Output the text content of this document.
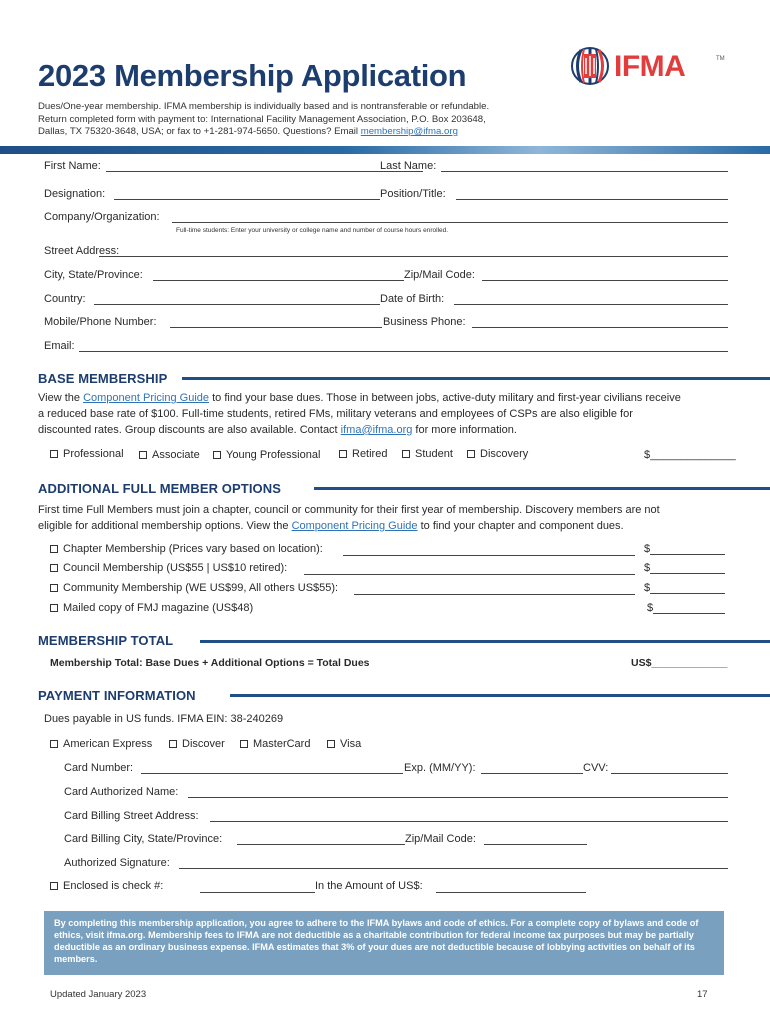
2023 Membership Application
Dues/One-year membership. IFMA membership is individually based and is nontransferable or refundable.
Return completed form with payment to: International Facility Management Association, P.O. Box 203648,
Dallas, TX 75320-3648, USA; or fax to +1-281-974-5650. Questions? Email membership@ifma.org
IFMA	TM
First Name:	Last Name:
Designation:	Position/Title:
Company/Organization:
Full-time students: Enter your university or college name and number of course hours enrolled.
Street Address:
City, State/Province:	Zip/Mail Code:
Country:	Date of Birth:
Mobile/Phone Number:	Business Phone:
Email:
BASE MEMBERSHIP
View the Component Pricing Guide to find your base dues. Those in between jobs, active-duty military and first-year civilians receive
a reduced base rate of $100. Full-time students, retired FMs, military veterans and employees of CSPs are also eligible for
discounted rates. Group discounts are also available. Contact ifma@ifma.org for more information.
Professional	Associate Young Professional	Retired	Student Discovery	$______________
ADDITIONAL FULL MEMBER OPTIONS
First time Full Members must join a chapter, council or community for their first year of membership. Discovery members are not
eligible for additional membership options. View the Component Pricing Guide to find your chapter and component dues.
Chapter Membership (Prices vary based on location):	$
Council Membership (US$55 | US$10 retired):	$
Community Membership (WE US$99, All others US$55):	$
Mailed copy of FMJ magazine (US$48)	$
MEMBERSHIP TOTAL
Membership Total: Base Dues + Additional Options = Total Dues	US$_____________
PAYMENT INFORMATION
Dues payable in US funds. IFMA EIN: 38-240269
American Express	Discover	MasterCard	Visa
Card Number:	Exp. (MM/YY):	CVV:
Card Authorized Name:
Card Billing Street Address:
Card Billing City, State/Province:	Zip/Mail Code:
Authorized Signature:
Enclosed is check #:	In the Amount of US$:
By completing this membership application, you agree to adhere to the IFMA bylaws and code of ethics. For a complete copy of bylaws and code of ethics, visit ifma.org. Membership fees to IFMA are not deductible as a charitable contribution for federal income tax purposes but may be partially deductible as an ordinary business expense. IFMA estimates that 3% of your dues are not deductible because of lobbying activities on behalf of its members.
Updated January 2023	17
